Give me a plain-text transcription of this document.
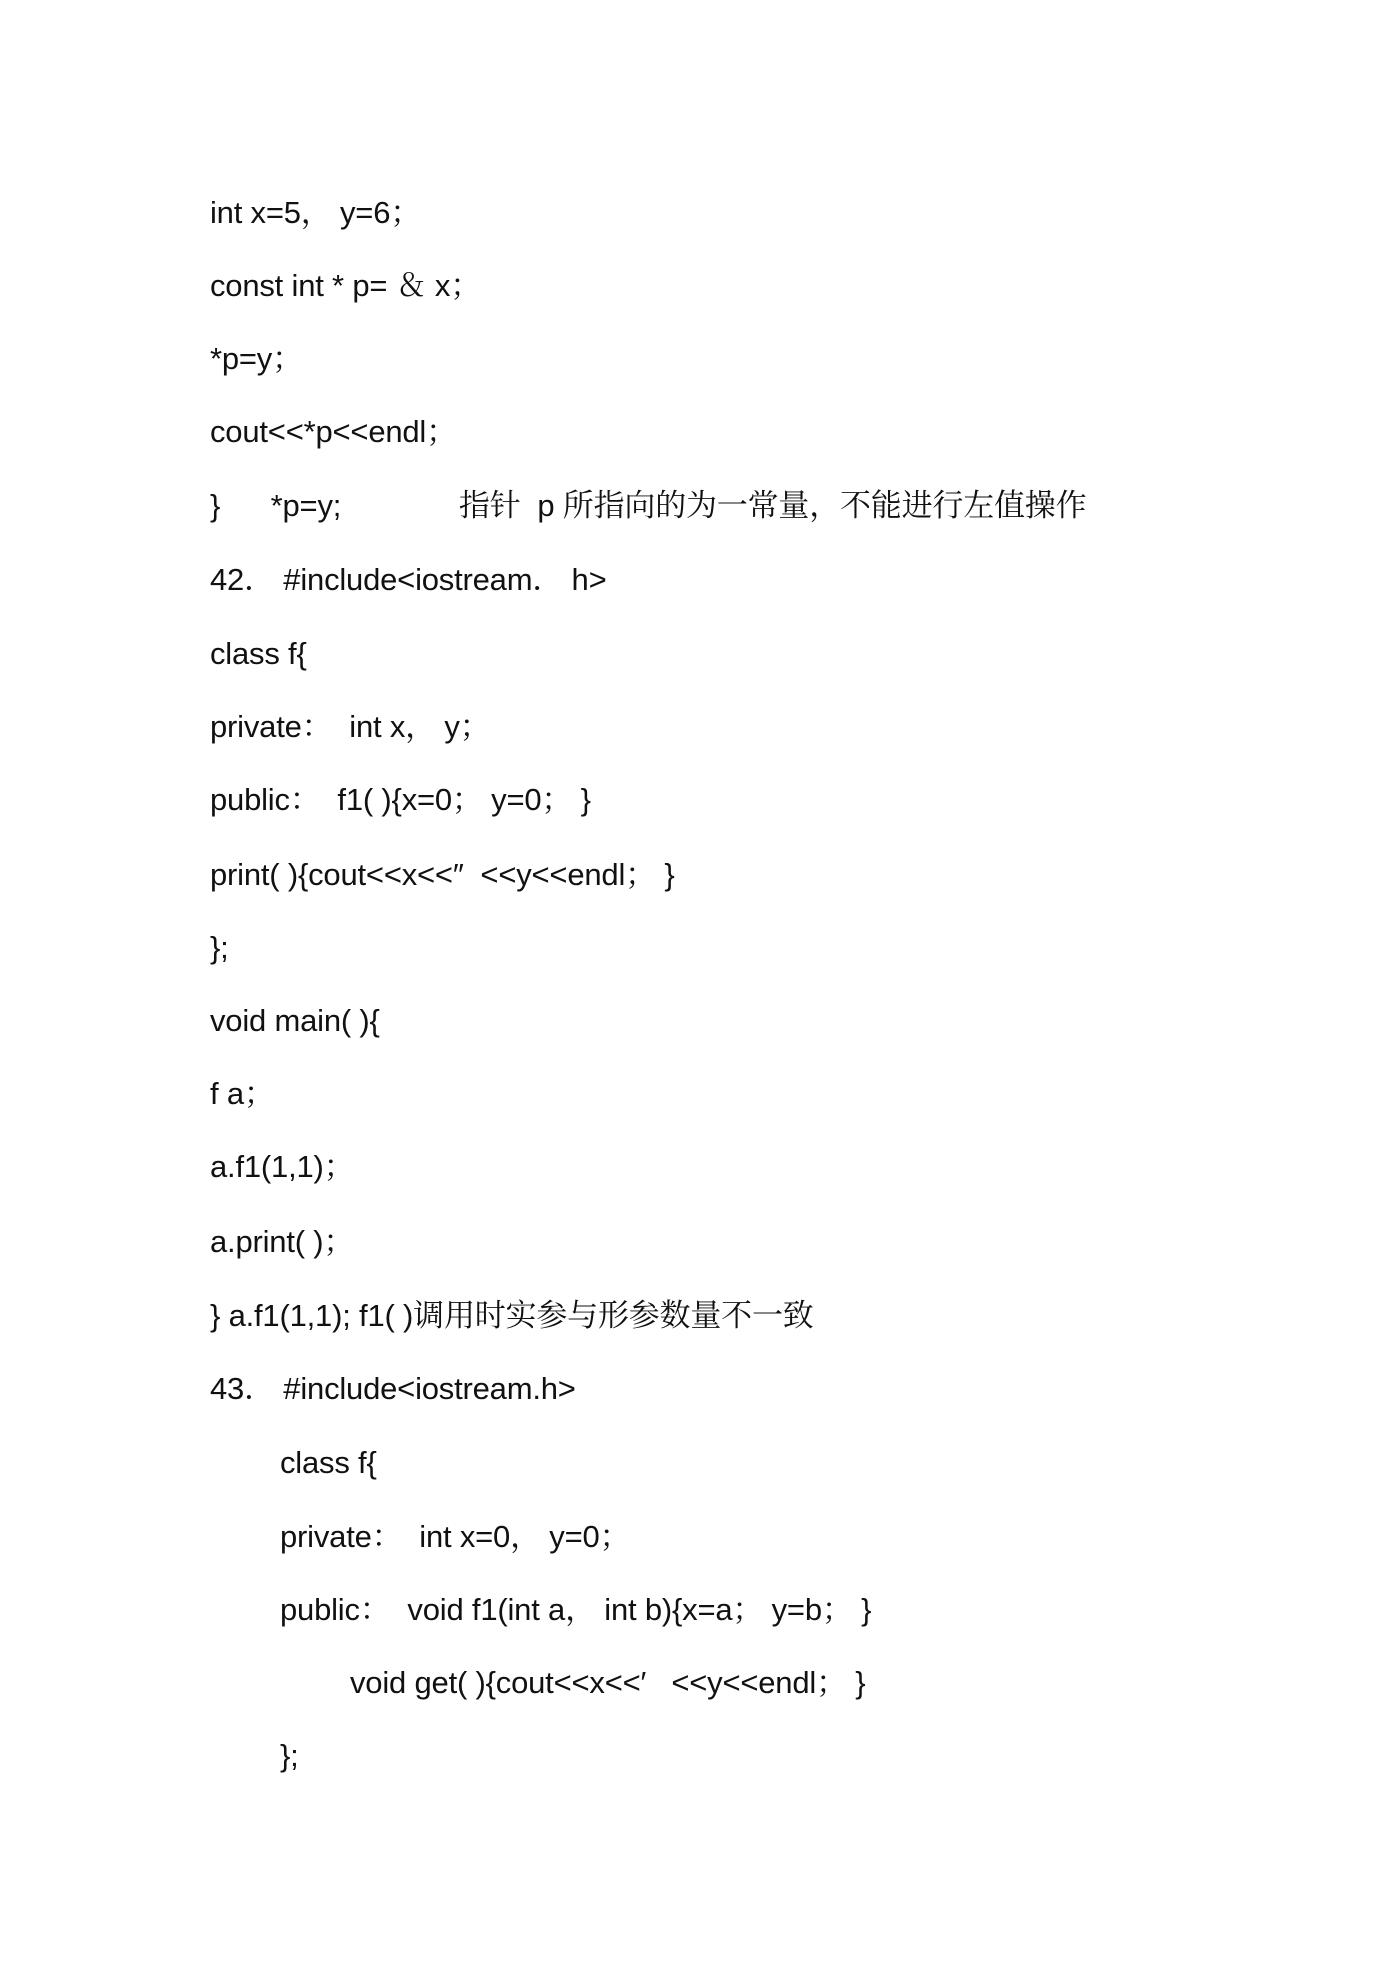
int x=5， y=6；
const int * p= ＆ x；
*p=y；
cout<<*p<<endl；
}      *p=y;              指针  p 所指向的为一常量，不能进行左值操作
42． #include<iostream． h>
class f{
private：  int x， y；
public：  f1( ){x=0； y=0； }
print( ){cout<<x<<″  <<y<<endl； }
};
void main( ){
f a；
a.f1(1,1)；
a.print( )；
} a.f1(1,1); f1( )调用时实参与形参数量不一致
43． #include<iostream.h>
class f{
private：  int x=0， y=0；
public：  void f1(int a， int b){x=a； y=b； }
void get( ){cout<<x<<′   <<y<<endl； }
};
